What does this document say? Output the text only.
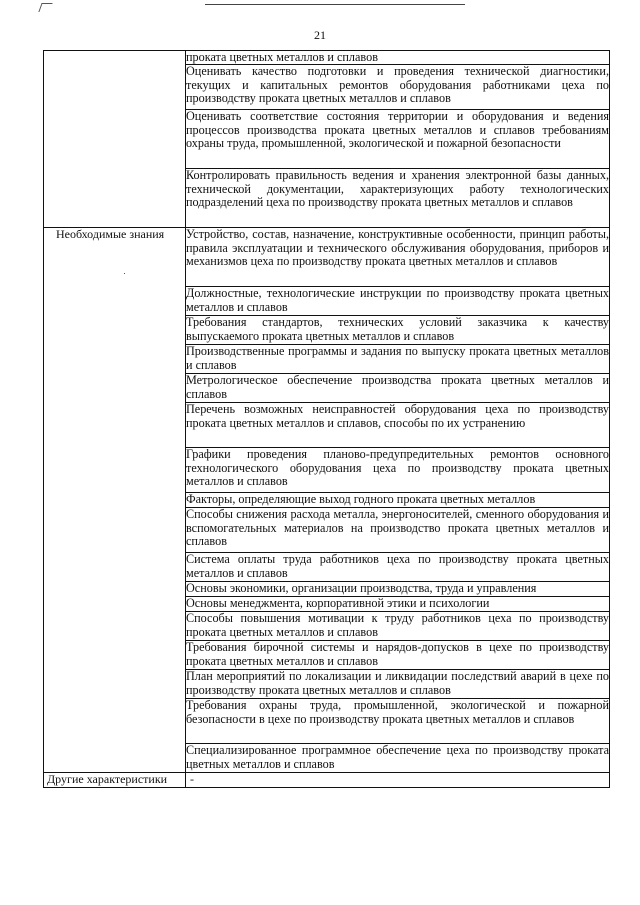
21
	проката цветных металлов и сплавов
	Оценивать качество подготовки и проведения технической диагностики, текущих и капитальных ремонтов оборудования работниками цеха по производству проката цветных металлов и сплавов
	Оценивать соответствие состояния территории и оборудования и ведения процессов производства проката цветных металлов и сплавов требованиям охраны труда, промышленной, экологической и пожарной безопасности
	Контролировать правильность ведения и хранения электронной базы данных, технической документации, характеризующих работу технологических подразделений цеха по производству проката цветных металлов и сплавов

Необходимые знания	Устройство, состав, назначение, конструктивные особенности, принцип работы, правила эксплуатации и технического обслуживания оборудования, приборов и механизмов цеха по производству проката цветных металлов и сплавов
	Должностные, технологические инструкции по производству проката цветных металлов и сплавов
	Требования стандартов, технических условий заказчика к качеству выпускаемого проката цветных металлов и сплавов
	Производственные программы и задания по выпуску проката цветных металлов и сплавов
	Метрологическое обеспечение производства проката цветных металлов и сплавов
	Перечень возможных неисправностей оборудования цеха по производству проката цветных металлов и сплавов, способы по их устранению
	Графики проведения планово-предупредительных ремонтов основного технологического оборудования цеха по производству проката цветных металлов и сплавов
	Факторы, определяющие выход годного проката цветных металлов
	Способы снижения расхода металла, энергоносителей, сменного оборудования и вспомогательных материалов на производство проката цветных металлов и сплавов
	Система оплаты труда работников цеха по производству проката цветных металлов и сплавов
	Основы экономики, организации производства, труда и управления
	Основы менеджмента, корпоративной этики и психологии
	Способы повышения мотивации к труду работников цеха по производству проката цветных металлов и сплавов
	Требования бирочной системы и нарядов-допусков в цехе по производству проката цветных металлов и сплавов
	План мероприятий по локализации и ликвидации последствий аварий в цехе по производству проката цветных металлов и сплавов
	Требования охраны труда, промышленной, экологической и пожарной безопасности в цехе по производству проката цветных металлов и сплавов
	Специализированное программное обеспечение цеха по производству проката цветных металлов и сплавов

Другие характеристики	-
